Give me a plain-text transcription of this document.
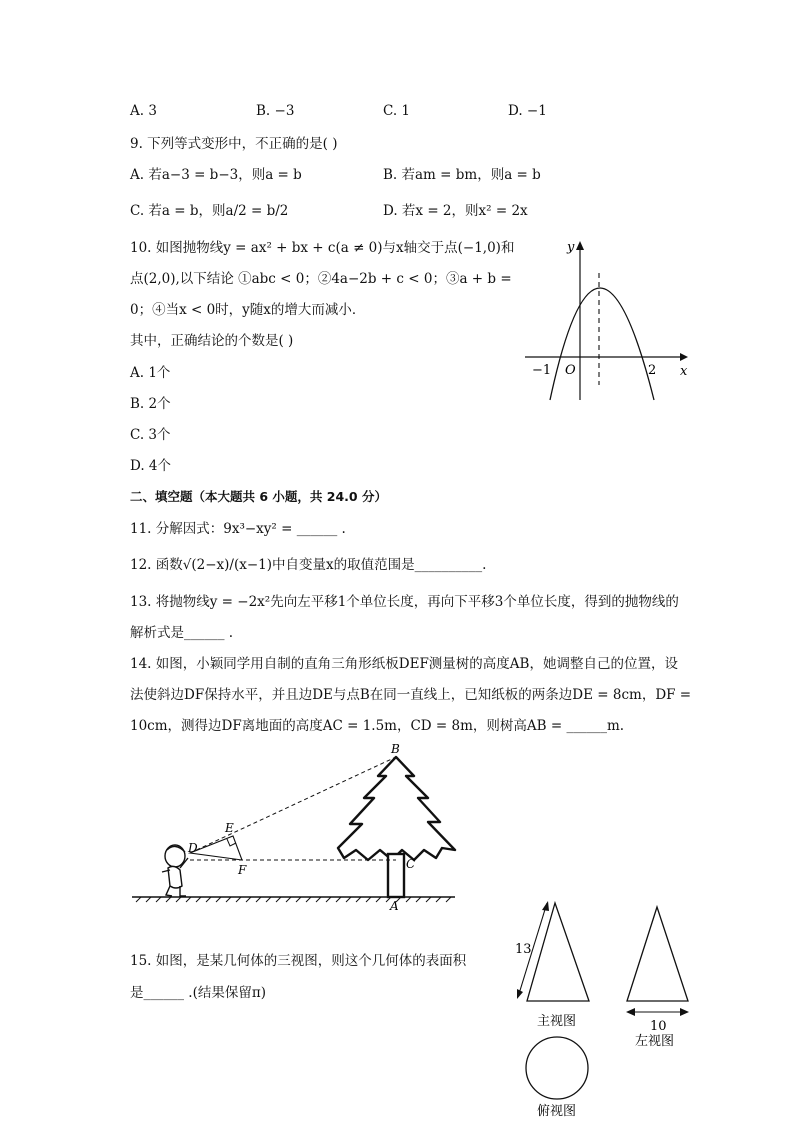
A. 3	B. −3	C. 1	D. −1
9. 下列等式变形中，不正确的是( )
A. 若a−3 = b−3，则a = b	B. 若am = bm，则a = b
C. 若a = b，则a/2 = b/2	D. 若x = 2，则x² = 2x
10. 如图抛物线y = ax² + bx + c(a ≠ 0)与x轴交于点(−1,0)和
点(2,0),以下结论 ①abc < 0；②4a−2b + c < 0；③a + b =
0；④当x < 0时，y随x的增大而减小．
其中，正确结论的个数是( )
A. 1个
B. 2个
C. 3个
D. 4个
y
x
O
−1	2
二、填空题（本大题共 6 小题，共 24.0 分）
11. 分解因式：9x³−xy² = ______ .
12. 函数√(2−x)/(x−1)中自变量x的取值范围是__________.
13. 将抛物线y = −2x²先向左平移1个单位长度，再向下平移3个单位长度，得到的抛物线的
解析式是______ .
14. 如图，小颖同学用自制的直角三角形纸板DEF测量树的高度AB，她调整自己的位置，设
法使斜边DF保持水平，并且边DE与点B在同一直线上，已知纸板的两条边DE = 8cm，DF =
10cm，测得边DF离地面的高度AC = 1.5m，CD = 8m，则树高AB = ______m.
B
E
D
F	C
A
15. 如图，是某几何体的三视图，则这个几何体的表面积
是______ .(结果保留π)
13
主视图	10
左视图
俯视图
